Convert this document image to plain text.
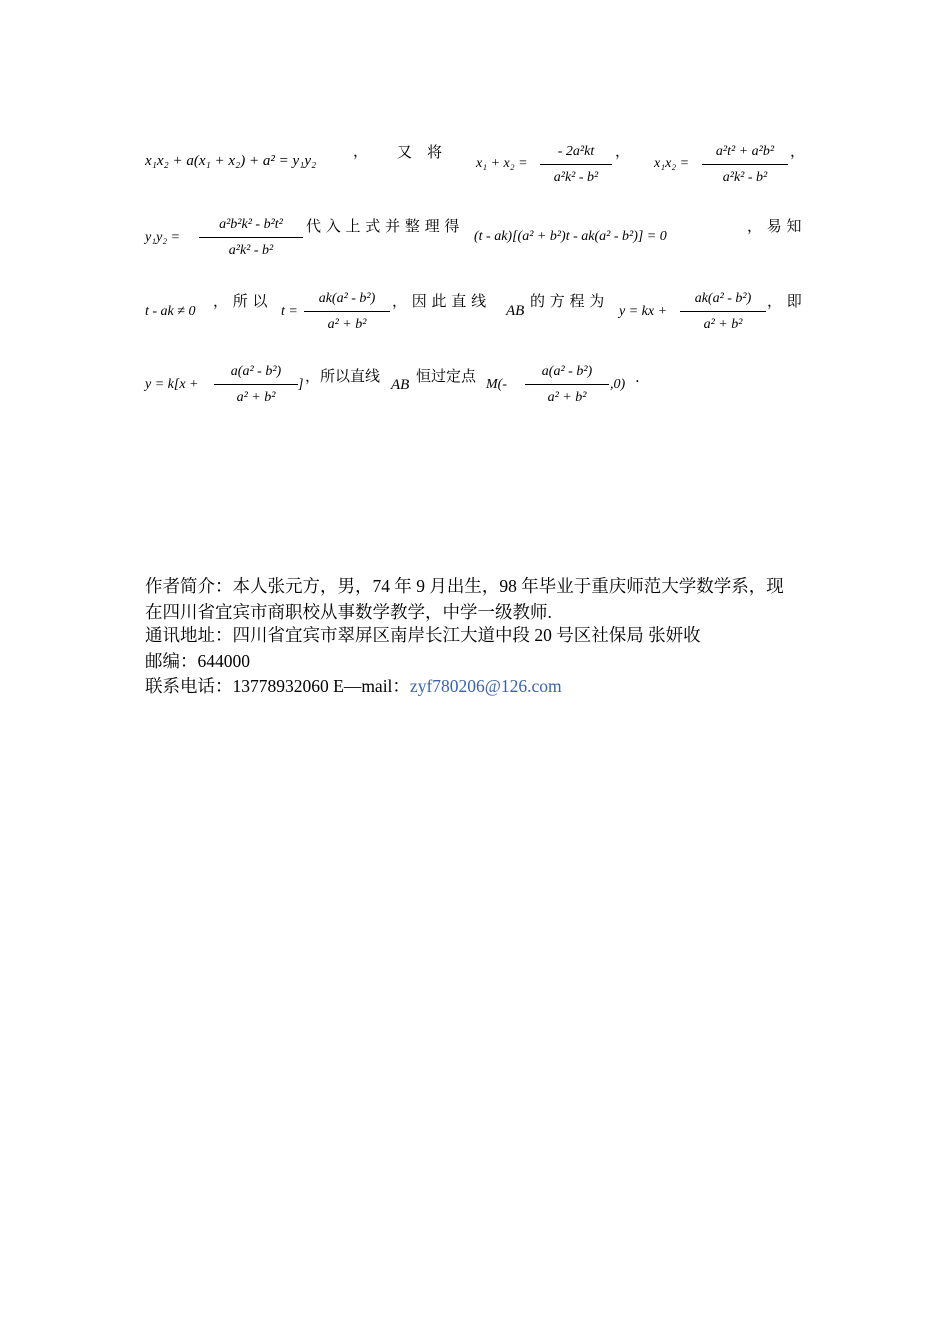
x₁x₂ + a(x₁ + x₂) + a² = y₁y₂
， 又　将
x₁ + x₂ =
- 2a²kt
a²k² - b²
，
x₁x₂ =
a²t² + a²b²
a²k² - b²
，
y₁y₂ =
a²b²k² - b²t²
a²k² - b²
代 入 上 式 并 整 理 得
(t - ak)[(a² + b²)t - ak(a² - b²)] = 0
， 易 知
t - ak ≠ 0
， 所 以
t =
ak(a² - b²)
a² + b²
， 因 此 直 线
AB
的 方 程 为
y = kx +
ak(a² - b²)
a² + b²
， 即
y = k[x +
a(a² - b²)
a² + b²
] ，所以直线 AB 恒过定点 M(-
a(a² - b²)
a² + b²
,0) .
作者简介：本人张元方，男，74 年 9 月出生，98 年毕业于重庆师范大学数学系，现
在四川省宜宾市商职校从事数学教学，中学一级教师.
通讯地址：四川省宜宾市翠屏区南岸长江大道中段 20 号区社保局 张妍收
邮编：644000
联系电话：13778932060 E—mail：zyf780206@126.com
